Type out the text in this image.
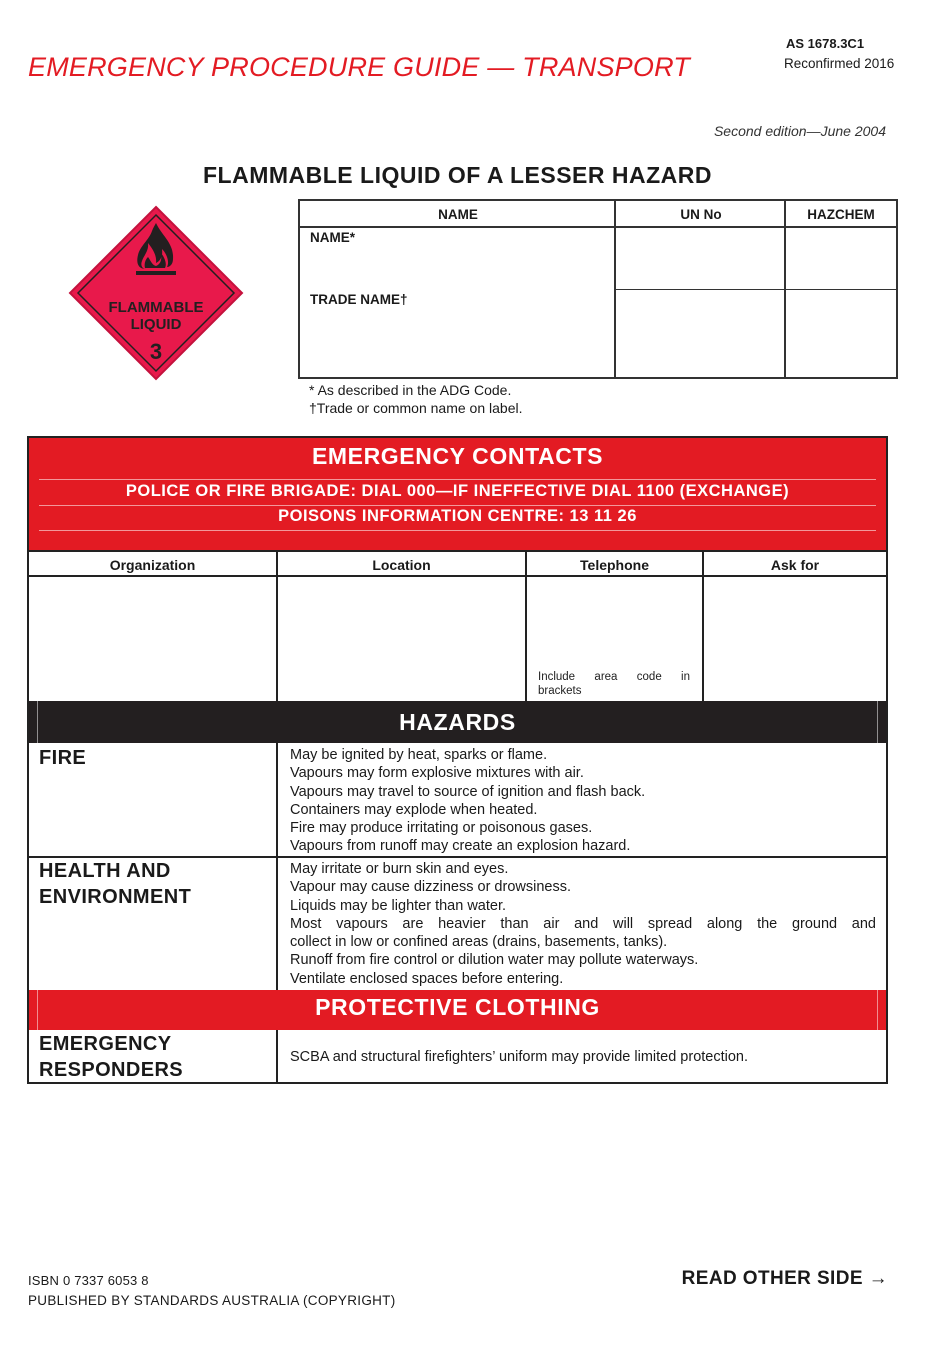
EMERGENCY PROCEDURE GUIDE — TRANSPORT
AS 1678.3C1
Reconfirmed 2016
Second edition—June 2004
FLAMMABLE LIQUID OF A LESSER HAZARD
FLAMMABLE
LIQUID
3
NAME	UN No	HAZCHEM
NAME*
TRADE NAME†
* As described in the ADG Code.
†Trade or common name on label.
EMERGENCY CONTACTS
POLICE OR FIRE BRIGADE: DIAL 000—IF INEFFECTIVE DIAL 1100 (EXCHANGE)
POISONS INFORMATION CENTRE: 13 11 26
Organization	Location	Telephone	Ask for
Include area code in
brackets
HAZARDS
FIRE	May be ignited by heat, sparks or flame.
Vapours may form explosive mixtures with air.
Vapours may travel to source of ignition and flash back.
Containers may explode when heated.
Fire may produce irritating or poisonous gases.
Vapours from runoff may create an explosion hazard.
HEALTH AND
ENVIRONMENT
May irritate or burn skin and eyes.
Vapour may cause dizziness or drowsiness.
Liquids may be lighter than water.
Most vapours are heavier than air and will spread along the ground and
collect in low or confined areas (drains, basements, tanks).
Runoff from fire control or dilution water may pollute waterways.
Ventilate enclosed spaces before entering.
PROTECTIVE CLOTHING
EMERGENCY
RESPONDERS
SCBA and structural firefighters’ uniform may provide limited protection.
ISBN 0 7337 6053 8
PUBLISHED BY STANDARDS AUSTRALIA (COPYRIGHT)
READ OTHER SIDE →
